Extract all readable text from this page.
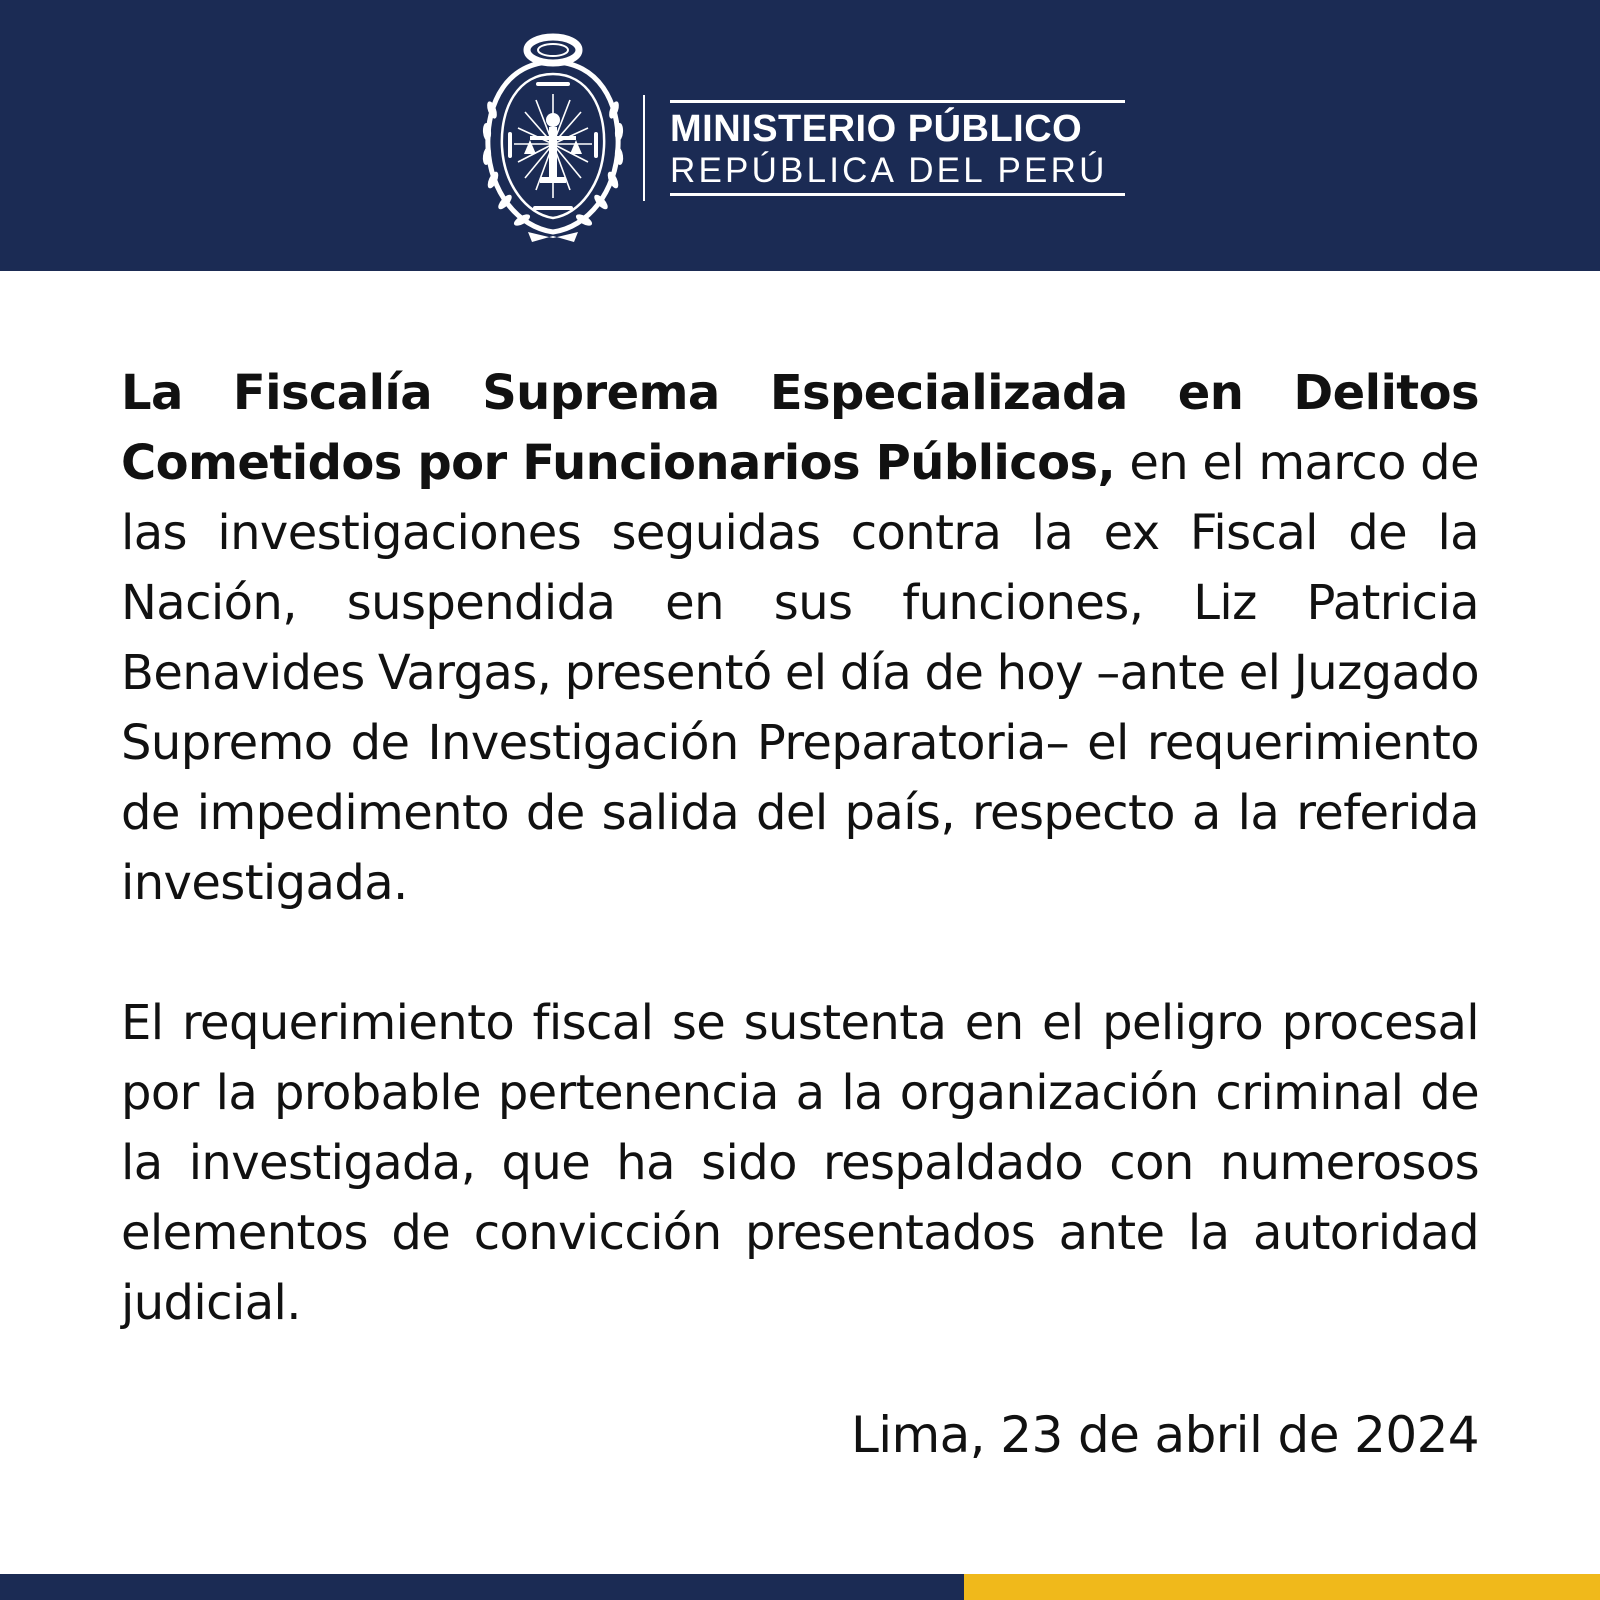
MINISTERIO PÚBLICO
REPÚBLICA DEL PERÚ

La Fiscalía Suprema Especializada en Delitos Cometidos por Funcionarios Públicos, en el marco de las investigaciones seguidas contra la ex Fiscal de la Nación, suspendida en sus funciones, Liz Patricia Benavides Vargas, presentó el día de hoy –ante el Juzgado Supremo de Investigación Preparatoria– el requerimiento de impedimento de salida del país, respecto a la referida investigada.

El requerimiento fiscal se sustenta en el peligro procesal por la probable pertenencia a la organización criminal de la investigada, que ha sido respaldado con numerosos elementos de convicción presentados ante la autoridad judicial.

Lima, 23 de abril de 2024
